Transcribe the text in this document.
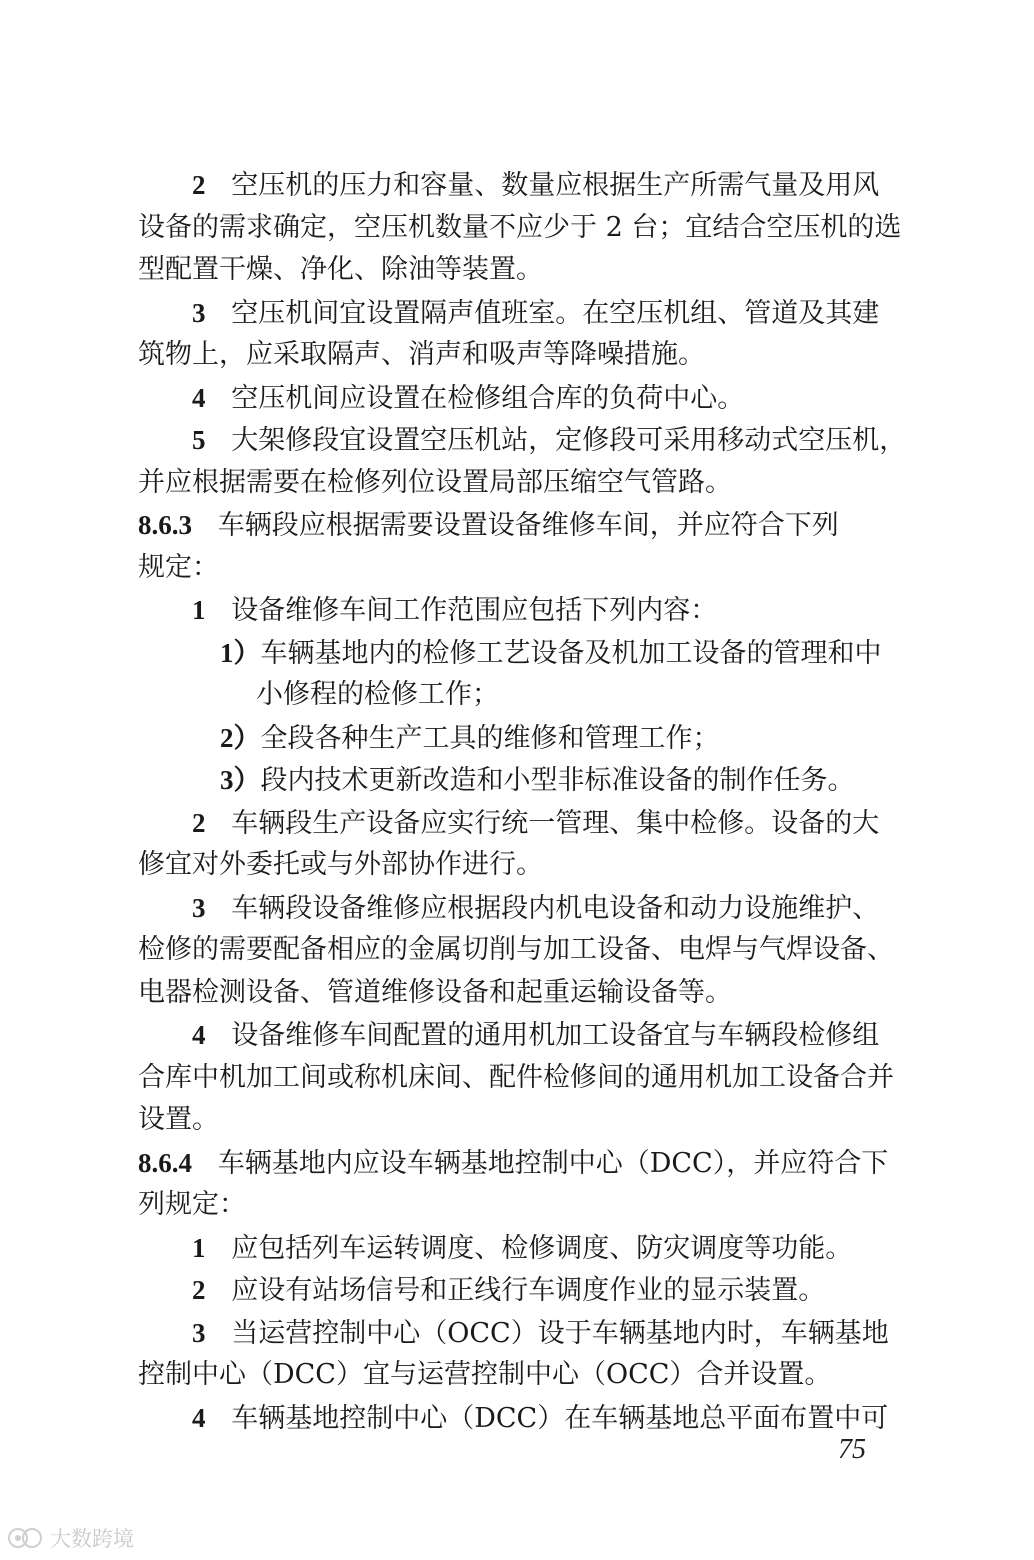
2 空压机的压力和容量、数量应根据生产所需气量及用风
设备的需求确定，空压机数量不应少于 2 台；宜结合空压机的选
型配置干燥、净化、除油等装置。
3 空压机间宜设置隔声值班室。在空压机组、管道及其建
筑物上，应采取隔声、消声和吸声等降噪措施。
4 空压机间应设置在检修组合库的负荷中心。
5 大架修段宜设置空压机站，定修段可采用移动式空压机，
并应根据需要在检修列位设置局部压缩空气管路。
8.6.3 车辆段应根据需要设置设备维修车间，并应符合下列
规定：
1 设备维修车间工作范围应包括下列内容：
1）车辆基地内的检修工艺设备及机加工设备的管理和中
小修程的检修工作；
2）全段各种生产工具的维修和管理工作；
3）段内技术更新改造和小型非标准设备的制作任务。
2 车辆段生产设备应实行统一管理、集中检修。设备的大
修宜对外委托或与外部协作进行。
3 车辆段设备维修应根据段内机电设备和动力设施维护、
检修的需要配备相应的金属切削与加工设备、电焊与气焊设备、
电器检测设备、管道维修设备和起重运输设备等。
4 设备维修车间配置的通用机加工设备宜与车辆段检修组
合库中机加工间或称机床间、配件检修间的通用机加工设备合并
设置。
8.6.4 车辆基地内应设车辆基地控制中心（DCC），并应符合下
列规定：
1 应包括列车运转调度、检修调度、防灾调度等功能。
2 应设有站场信号和正线行车调度作业的显示装置。
3 当运营控制中心（OCC）设于车辆基地内时，车辆基地
控制中心（DCC）宜与运营控制中心（OCC）合并设置。
4 车辆基地控制中心（DCC）在车辆基地总平面布置中可
75
大数跨境
